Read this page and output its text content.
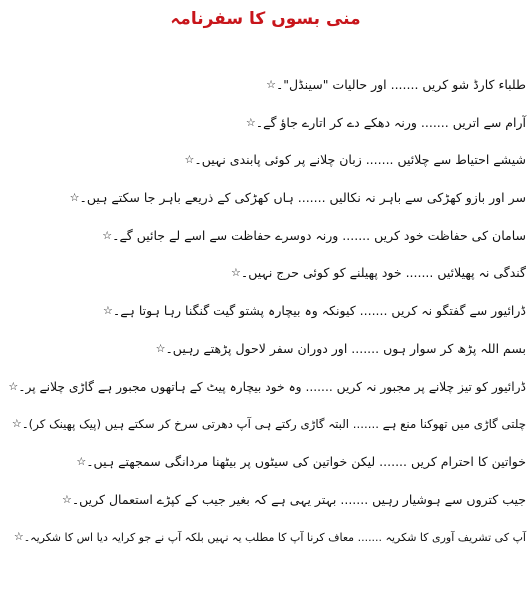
منی بسوں کا سفرنامہ
طلباء کارڈ شو کریں ....... اور حالیات "سینڈل"۔☆
آرام سے اتریں ....... ورنہ دھکے دے کر اتارے جاؤ گے۔☆
شیشے احتیاط سے چلائیں ....... زبان چلانے پر کوئی پابندی نہیں۔☆
سر اور بازو کھڑکی سے باہر نہ نکالیں ....... ہاں کھڑکی کے ذریعے باہر جا سکتے ہیں۔☆
سامان کی حفاظت خود کریں ....... ورنہ دوسرے حفاظت سے اسے لے جائیں گے۔☆
گندگی نہ پھیلائیں ....... خود پھیلنے کو کوئی حرج نہیں۔☆
ڈرائیور سے گفتگو نہ کریں ....... کیونکہ وہ بیچارہ پشتو گیت گنگنا رہا ہوتا ہے۔☆
بسم اللہ پڑھ کر سوار ہوں ....... اور دوران سفر لاحول پڑھتے رہیں۔☆
ڈرائیور کو تیز چلانے پر مجبور نہ کریں ....... وہ خود بیچارہ پیٹ کے ہاتھوں مجبور ہے گاڑی چلانے پر۔☆
چلتی گاڑی میں تھوکنا منع ہے ....... البتہ گاڑی رکتے ہی آپ دھرتی سرخ کر سکتے ہیں (پیک پھینک کر)۔☆
خواتین کا احترام کریں ....... لیکن خواتین کی سیٹوں پر بیٹھنا مردانگی سمجھتے ہیں۔☆
جیب کتروں سے ہوشیار رہیں ....... بہتر یہی ہے کہ بغیر جیب کے کپڑے استعمال کریں۔☆
آپ کی تشریف آوری کا شکریہ ....... معاف کرنا آپ کا مطلب یہ نہیں بلکہ آپ نے جو کرایہ دیا اس کا شکریہ۔☆
